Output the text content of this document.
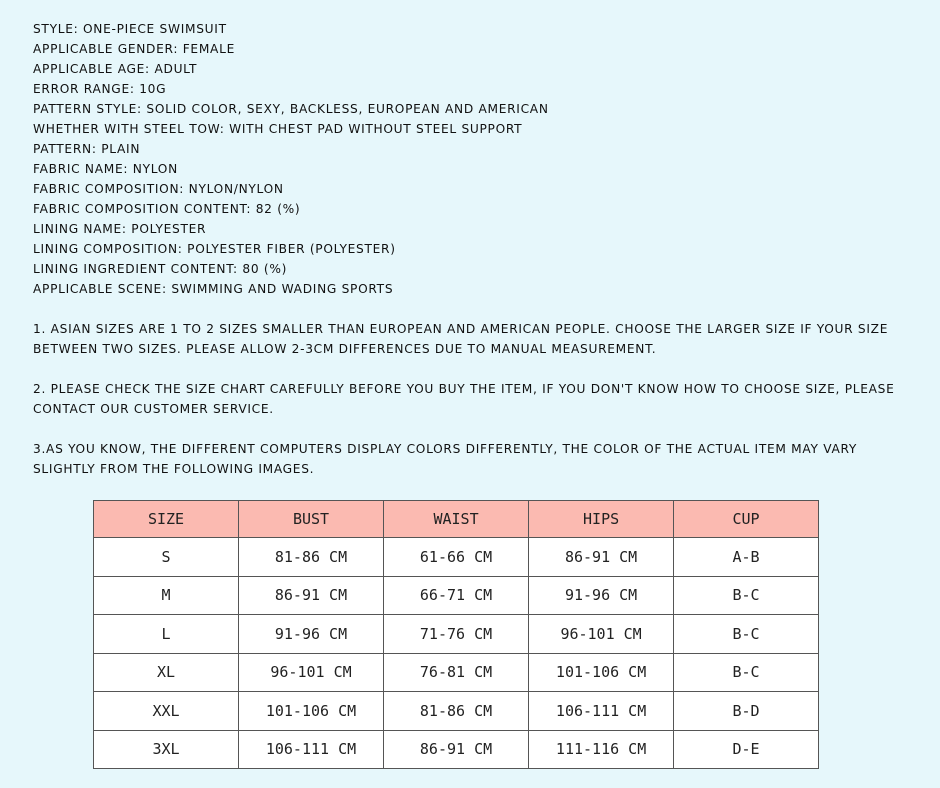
STYLE: ONE-PIECE SWIMSUIT

APPLICABLE GENDER: FEMALE

APPLICABLE AGE: ADULT

ERROR RANGE: 10G

PATTERN STYLE: SOLID COLOR, SEXY, BACKLESS, EUROPEAN AND AMERICAN

WHETHER WITH STEEL TOW: WITH CHEST PAD WITHOUT STEEL SUPPORT

PATTERN: PLAIN

FABRIC NAME: NYLON

FABRIC COMPOSITION: NYLON/NYLON

FABRIC COMPOSITION CONTENT: 82 (%)

LINING NAME: POLYESTER

LINING COMPOSITION: POLYESTER FIBER (POLYESTER)

LINING INGREDIENT CONTENT: 80 (%)

APPLICABLE SCENE: SWIMMING AND WADING SPORTS

1. ASIAN SIZES ARE 1 TO 2 SIZES SMALLER THAN EUROPEAN AND AMERICAN PEOPLE. CHOOSE THE LARGER SIZE IF YOUR SIZE BETWEEN TWO SIZES. PLEASE ALLOW 2-3CM DIFFERENCES DUE TO MANUAL MEASUREMENT.

2. PLEASE CHECK THE SIZE CHART CAREFULLY BEFORE YOU BUY THE ITEM, IF YOU DON'T KNOW HOW TO CHOOSE SIZE, PLEASE CONTACT OUR CUSTOMER SERVICE.

3.AS YOU KNOW, THE DIFFERENT COMPUTERS DISPLAY COLORS DIFFERENTLY, THE COLOR OF THE ACTUAL ITEM MAY VARY SLIGHTLY FROM THE FOLLOWING IMAGES.

SIZE	BUST	WAIST	HIPS	CUP
S	81-86 CM	61-66 CM	86-91 CM	A-B
M	86-91 CM	66-71 CM	91-96 CM	B-C
L	91-96 CM	71-76 CM	96-101 CM	B-C
XL	96-101 CM	76-81 CM	101-106 CM	B-C
XXL	101-106 CM	81-86 CM	106-111 CM	B-D
3XL	106-111 CM	86-91 CM	111-116 CM	D-E
